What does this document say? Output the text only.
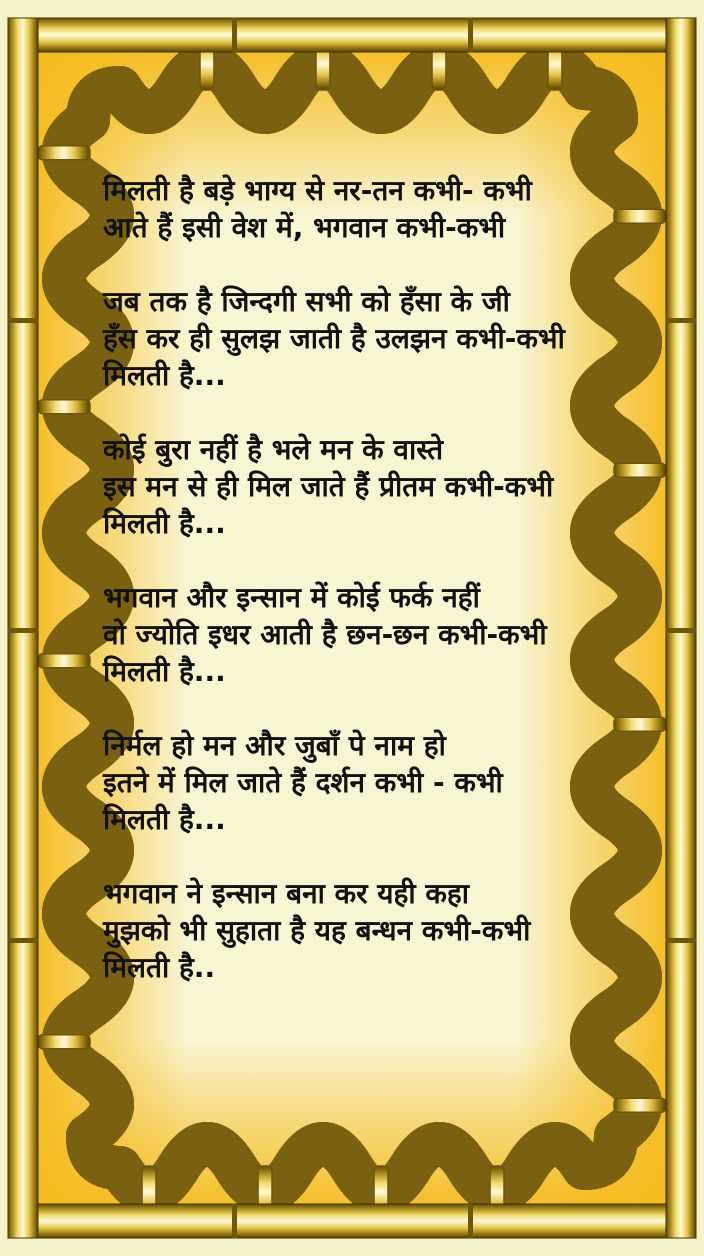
मिलती है बड़े भाग्य से नर-तन कभी- कभी
आते हैं इसी वेश में, भगवान कभी-कभी

जब तक है जिन्दगी सभी को हँसा के जी
हँस कर ही सुलझ जाती है उलझन कभी-कभी
मिलती है...

कोई बुरा नहीं है भले मन के वास्ते
इस मन से ही मिल जाते हैं प्रीतम कभी-कभी
मिलती है...

भगवान और इन्सान में कोई फर्क नहीं
वो ज्योति इधर आती है छन-छन कभी-कभी
मिलती है...

निर्मल हो मन और जुबाँ पे नाम हो
इतने में मिल जाते हैं दर्शन कभी - कभी
मिलती है...

भगवान ने इन्सान बना कर यही कहा
मुझको भी सुहाता है यह बन्धन कभी-कभी
मिलती है..
